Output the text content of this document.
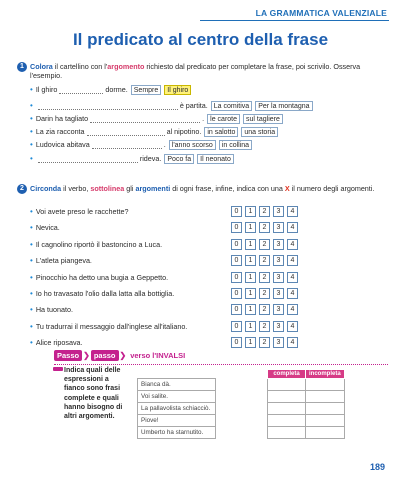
LA GRAMMATICA VALENZIALE
Il predicato al centro della frase
1 Colora il cartellino con l'argomento richiesto dal predicato per completare la frase, poi scrivilo. Osserva l'esempio.
• Il ghiro	dorme. Sempre	Il ghiro
•	è partita. La comitiva	Per la montagna
• Darin ha tagliato	. le carote	sul tagliere
• La zia racconta	al nipotino. in salotto	una storia
• Ludovica abitava	. l'anno scorso	in collina
•	rideva. Poco fa	Il neonato
2 Circonda il verbo, sottolinea gli argomenti di ogni frase, infine, indica con una X il numero degli argomenti.
• Voi avete preso le racchette?	0	1	2	3	4
• Nevica.	0	1	2	3	4
• Il cagnolino riportò il bastoncino a Luca.	0	1	2	3	4
• L'atleta piangeva.	0	1	2	3	4
• Pinocchio ha detto una bugia a Geppetto.	0	1	2	3	4
• Io ho travasato l'olio dalla latta alla bottiglia.	0	1	2	3	4
• Ha tuonato.	0	1	2	3	4
• Tu tradurrai il messaggio dall'inglese all'italiano.	0	1	2	3	4
• Alice riposava.	0	1	2	3	4
Passo ❯ passo ❯ verso l'INVALSI
Indica quali delle espressioni a fianco sono frasi complete e quali hanno bisogno di altri argomenti.
		completa	incompleta
Bianca dà.			
Voi salite.			
La pallavolista schiacciò.			
Piove!			
Umberto ha starnutito.			
189
